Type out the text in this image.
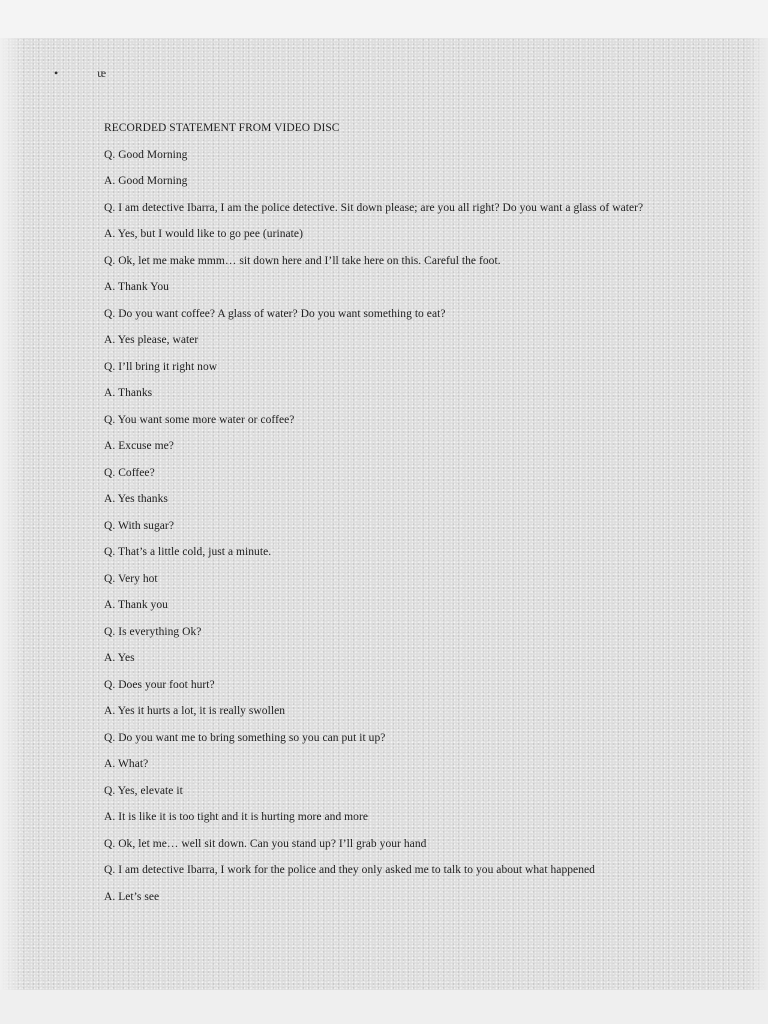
•	ᵫ
RECORDED STATEMENT FROM VIDEO DISC
Q. Good Morning
A. Good Morning
Q. I am detective Ibarra, I am the police detective. Sit down please; are you all right? Do you want a glass of water?
A. Yes, but I would like to go pee (urinate)
Q. Ok, let me make mmm… sit down here and I’ll take here on this. Careful the foot.
A. Thank You
Q. Do you want coffee? A glass of water? Do you want something to eat?
A. Yes please, water
Q. I’ll bring it right now
A. Thanks
Q. You want some more water or coffee?
A. Excuse me?
Q. Coffee?
A. Yes thanks
Q. With sugar?
Q. That’s a little cold, just a minute.
Q. Very hot
A. Thank you
Q. Is everything Ok?
A. Yes
Q. Does your foot hurt?
A. Yes it hurts a lot, it is really swollen
Q. Do you want me to bring something so you can put it up?
A. What?
Q. Yes, elevate it
A. It is like it is too tight and it is hurting more and more
Q. Ok, let me… well sit down. Can you stand up? I’ll grab your hand
Q. I am detective Ibarra, I work for the police and they only asked me to talk to you about what happened
A. Let’s see
